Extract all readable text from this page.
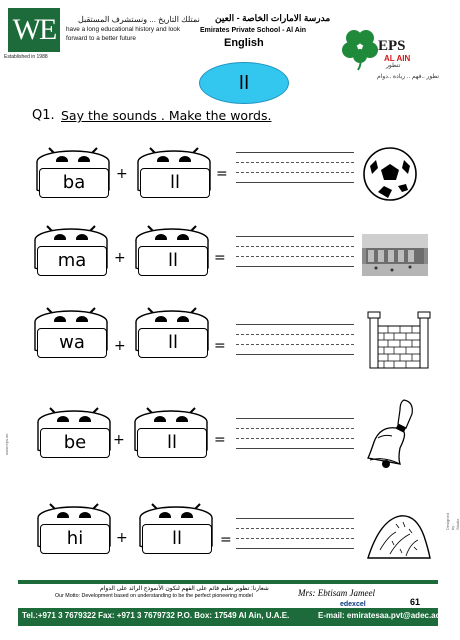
WE
Established in 1988
نمتلك التاريخ ... ونستشرف المستقبل
have a long educational history and look forward to a better future
مدرسة الامارات الخاصة - العين
Emirates Private School - Al Ain
English	EPS
AL AIN
تتطور
تطور ..فهم .. ريادة ..دوام
ll
Q1. Say the sounds . Make the words.
ba	+	ll	=
ma	+	ll	=
wa	+	ll	=
be	+	ll	=
hi	+	ll	=
شعارنا: تطوير تعليم قائم على الفهم لنكون الأنموذج الرائد على الدوام
Our Motto: Development based on understanding to be the perfect pioneering model	Mrs: Ebtisam Jameel
edexcel	61
Tel.:+971 3 7679322 Fax: +971 3 7679732 P.O. Box: 17549 Al Ain, U.A.E.	E-mail: emiratesaa.pvt@adec.ac.ae
www.eps.ae
Designed by : Studio
